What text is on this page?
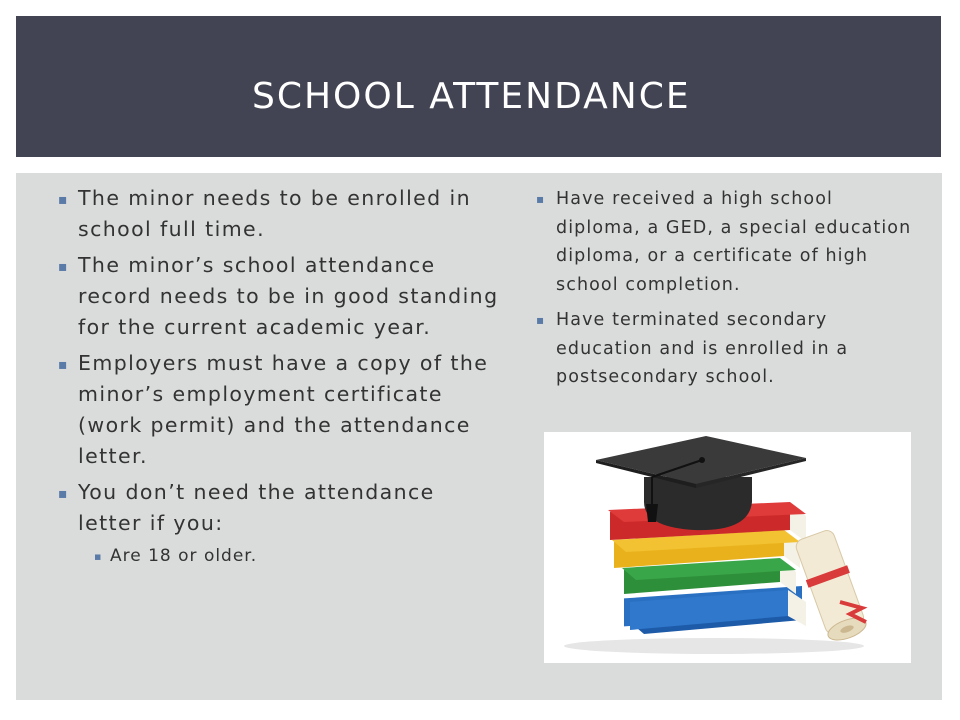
SCHOOL ATTENDANCE
▪ The minor needs to be enrolled in school full time.
▪ The minor’s school attendance record needs to be in good standing for the current academic year.
▪ Employers must have a copy of the minor’s employment certificate (work permit) and the attendance letter.
▪ You don’t need the attendance letter if you:
▪ Are 18 or older.
▪ Have received a high school diploma, a GED, a special education diploma, or a certificate of high school completion.
▪ Have terminated secondary education and is enrolled in a postsecondary school.
